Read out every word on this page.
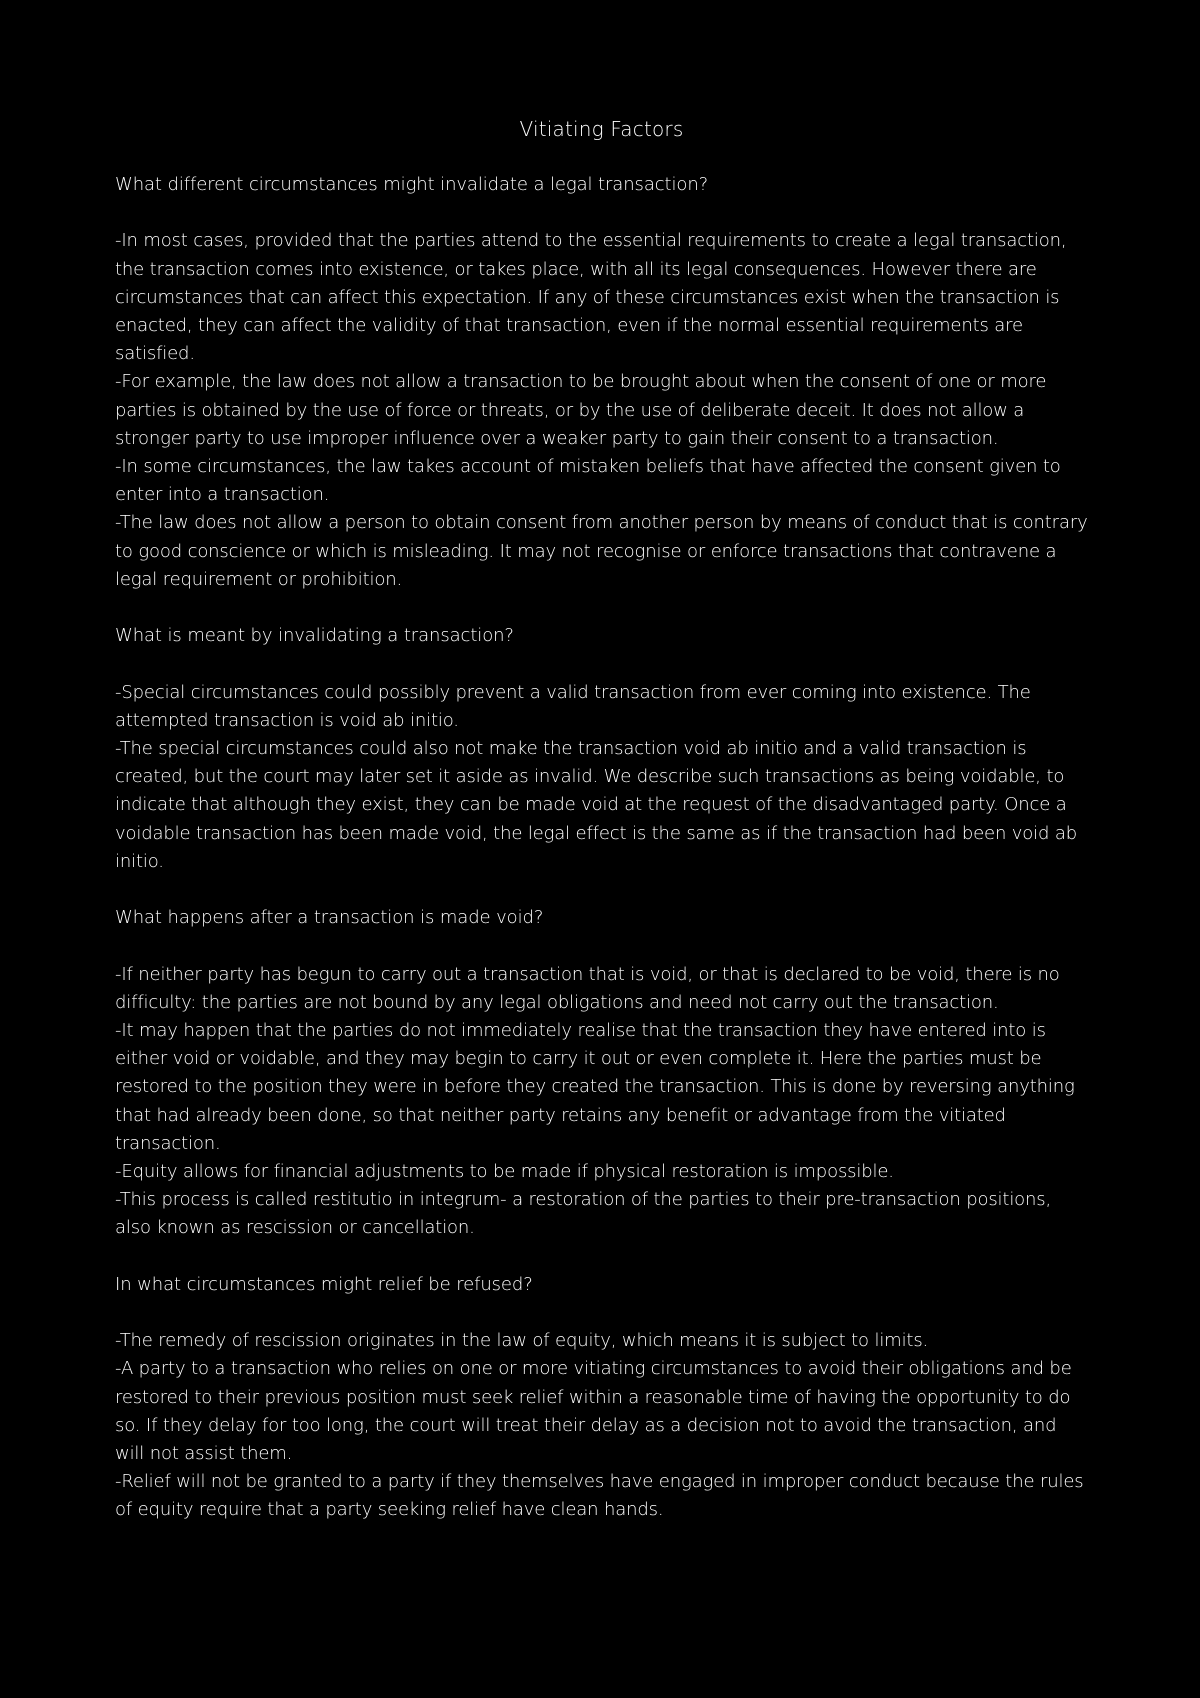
Vitiating Factors
What different circumstances might invalidate a legal transaction?

-In most cases, provided that the parties attend to the essential requirements to create a legal transaction, the transaction comes into existence, or takes place, with all its legal consequences. However there are circumstances that can affect this expectation. If any of these circumstances exist when the transaction is enacted, they can affect the validity of that transaction, even if the normal essential requirements are satisfied.

-For example, the law does not allow a transaction to be brought about when the consent of one or more parties is obtained by the use of force or threats, or by the use of deliberate deceit. It does not allow a stronger party to use improper influence over a weaker party to gain their consent to a transaction.

-In some circumstances, the law takes account of mistaken beliefs that have affected the consent given to enter into a transaction.

-The law does not allow a person to obtain consent from another person by means of conduct that is contrary to good conscience or which is misleading. It may not recognise or enforce transactions that contravene a legal requirement or prohibition.

What is meant by invalidating a transaction?

-Special circumstances could possibly prevent a valid transaction from ever coming into existence. The attempted transaction is void ab initio.

-The special circumstances could also not make the transaction void ab initio and a valid transaction is created, but the court may later set it aside as invalid. We describe such transactions as being voidable, to indicate that although they exist, they can be made void at the request of the disadvantaged party. Once a voidable transaction has been made void, the legal effect is the same as if the transaction had been void ab initio.

What happens after a transaction is made void?

-If neither party has begun to carry out a transaction that is void, or that is declared to be void, there is no difficulty: the parties are not bound by any legal obligations and need not carry out the transaction.

-It may happen that the parties do not immediately realise that the transaction they have entered into is either void or voidable, and they may begin to carry it out or even complete it. Here the parties must be restored to the position they were in before they created the transaction. This is done by reversing anything that had already been done, so that neither party retains any benefit or advantage from the vitiated transaction.

-Equity allows for financial adjustments to be made if physical restoration is impossible.

-This process is called restitutio in integrum- a restoration of the parties to their pre-transaction positions, also known as rescission or cancellation.

In what circumstances might relief be refused?

-The remedy of rescission originates in the law of equity, which means it is subject to limits.

-A party to a transaction who relies on one or more vitiating circumstances to avoid their obligations and be restored to their previous position must seek relief within a reasonable time of having the opportunity to do so. If they delay for too long, the court will treat their delay as a decision not to avoid the transaction, and will not assist them.

-Relief will not be granted to a party if they themselves have engaged in improper conduct because the rules of equity require that a party seeking relief have clean hands.
